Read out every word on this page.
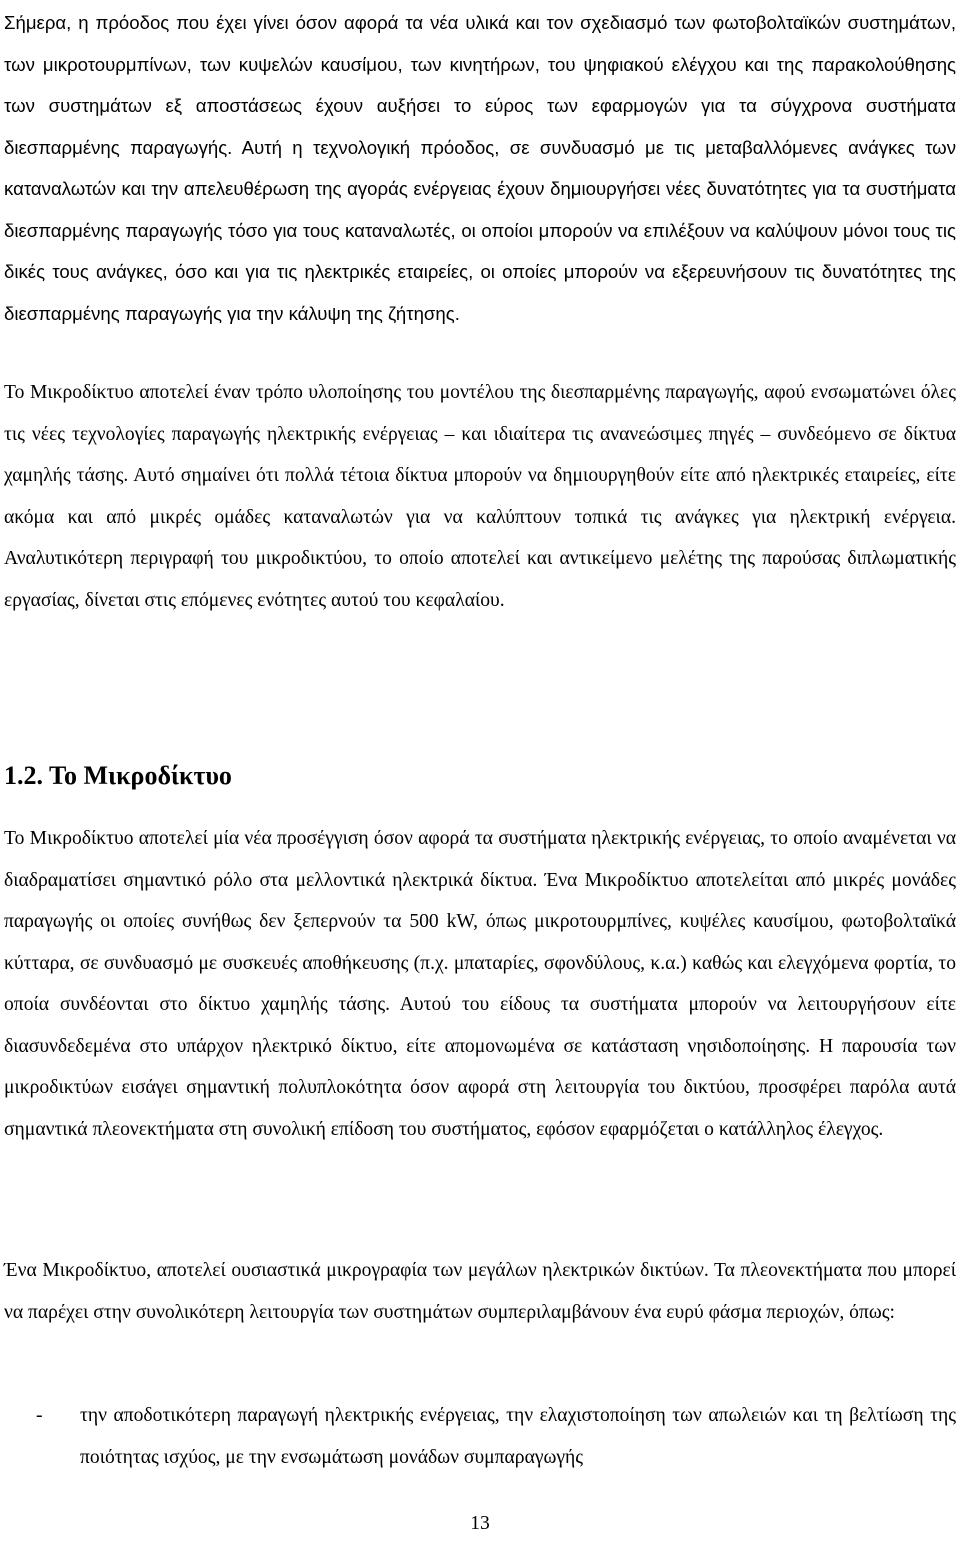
Σήμερα, η πρόοδος που έχει γίνει όσον αφορά τα νέα υλικά και τον σχεδιασμό των φωτοβολταϊκών συστημάτων, των μικροτουρμπίνων, των κυψελών καυσίμου, των κινητήρων, του ψηφιακού ελέγχου και της παρακολούθησης των συστημάτων εξ αποστάσεως έχουν αυξήσει το εύρος των εφαρμογών για τα σύγχρονα συστήματα διεσπαρμένης παραγωγής. Αυτή η τεχνολογική πρόοδος, σε συνδυασμό με τις μεταβαλλόμενες ανάγκες των καταναλωτών και την απελευθέρωση της αγοράς ενέργειας έχουν δημιουργήσει νέες δυνατότητες για τα συστήματα διεσπαρμένης παραγωγής τόσο για τους καταναλωτές, οι οποίοι μπορούν να επιλέξουν να καλύψουν μόνοι τους τις δικές τους ανάγκες, όσο και για τις ηλεκτρικές εταιρείες, οι οποίες μπορούν να εξερευνήσουν τις δυνατότητες της διεσπαρμένης παραγωγής για την κάλυψη της ζήτησης.

Το Μικροδίκτυο αποτελεί έναν τρόπο υλοποίησης του μοντέλου της διεσπαρμένης παραγωγής, αφού ενσωματώνει όλες τις νέες τεχνολογίες παραγωγής ηλεκτρικής ενέργειας – και ιδιαίτερα τις ανανεώσιμες πηγές – συνδεόμενο σε δίκτυα χαμηλής τάσης. Αυτό σημαίνει ότι πολλά τέτοια δίκτυα μπορούν να δημιουργηθούν είτε από ηλεκτρικές εταιρείες, είτε ακόμα και από μικρές ομάδες καταναλωτών για να καλύπτουν τοπικά τις ανάγκες για ηλεκτρική ενέργεια. Αναλυτικότερη περιγραφή του μικροδικτύου, το οποίο αποτελεί και αντικείμενο μελέτης της παρούσας διπλωματικής εργασίας, δίνεται στις επόμενες ενότητες αυτού του κεφαλαίου.

1.2. Το Μικροδίκτυο

Το Μικροδίκτυο αποτελεί μία νέα προσέγγιση όσον αφορά τα συστήματα ηλεκτρικής ενέργειας, το οποίο αναμένεται να διαδραματίσει σημαντικό ρόλο στα μελλοντικά ηλεκτρικά δίκτυα. Ένα Μικροδίκτυο αποτελείται από μικρές μονάδες παραγωγής οι οποίες συνήθως δεν ξεπερνούν τα 500 kW, όπως μικροτουρμπίνες, κυψέλες καυσίμου, φωτοβολταϊκά κύτταρα, σε συνδυασμό με συσκευές αποθήκευσης (π.χ. μπαταρίες, σφονδύλους, κ.α.) καθώς και ελεγχόμενα φορτία, το οποία συνδέονται στο δίκτυο χαμηλής τάσης. Αυτού του είδους τα συστήματα μπορούν να λειτουργήσουν είτε διασυνδεδεμένα στο υπάρχον ηλεκτρικό δίκτυο, είτε απομονωμένα σε κατάσταση νησιδοποίησης. Η παρουσία των μικροδικτύων εισάγει σημαντική πολυπλοκότητα όσον αφορά στη λειτουργία του δικτύου, προσφέρει παρόλα αυτά σημαντικά πλεονεκτήματα στη συνολική επίδοση του συστήματος, εφόσον εφαρμόζεται ο κατάλληλος έλεγχος.

Ένα Μικροδίκτυο, αποτελεί ουσιαστικά μικρογραφία των μεγάλων ηλεκτρικών δικτύων. Τα πλεονεκτήματα που μπορεί να παρέχει στην συνολικότερη λειτουργία των συστημάτων συμπεριλαμβάνουν ένα ευρύ φάσμα περιοχών, όπως:

-	την αποδοτικότερη παραγωγή ηλεκτρικής ενέργειας, την ελαχιστοποίηση των απωλειών και τη βελτίωση της ποιότητας ισχύος, με την ενσωμάτωση μονάδων συμπαραγωγής
13
